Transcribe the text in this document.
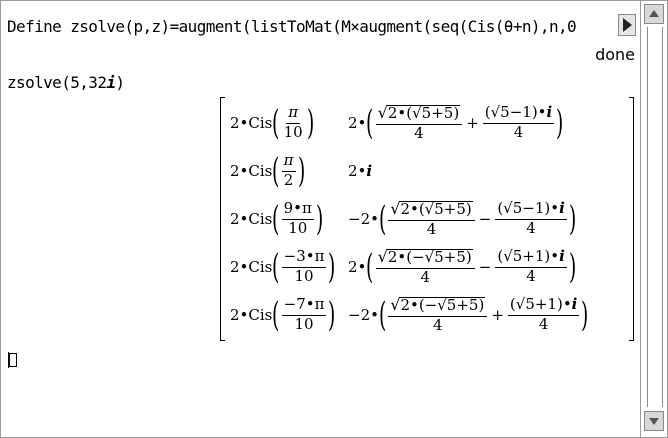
Define zsolve(p,z)=augment(listToMat(M×augment(seq(Cis(θ+n),n,0
done
zsolve(5,32i)
2•Cis ( $\frac{\pi}{10}$ ) 2• ( $\frac{√ 2•(√5+5)}{4} + \frac{(√5-1)•i}{4}$ )
2•Cis ( $\frac{\pi}{2}$ )	2• i
2•Cis ( $\frac{9•\pi}{10}$ ) −2• ( $\frac{√ 2•(√5+5)}{4} - \frac{(√5-1)•i}{4}$ )
2•Cis ( $\frac{-3•\pi}{10}$ ) 2• ( $\frac{√ 2•(-√5+5)}{4} - \frac{(√5+1)•i}{4}$ )
2•Cis ( $\frac{-7•\pi}{10}$ ) −2• ( $\frac{√ 2•(-√5+5)}{4} + \frac{(√5+1)•i}{4}$ )
